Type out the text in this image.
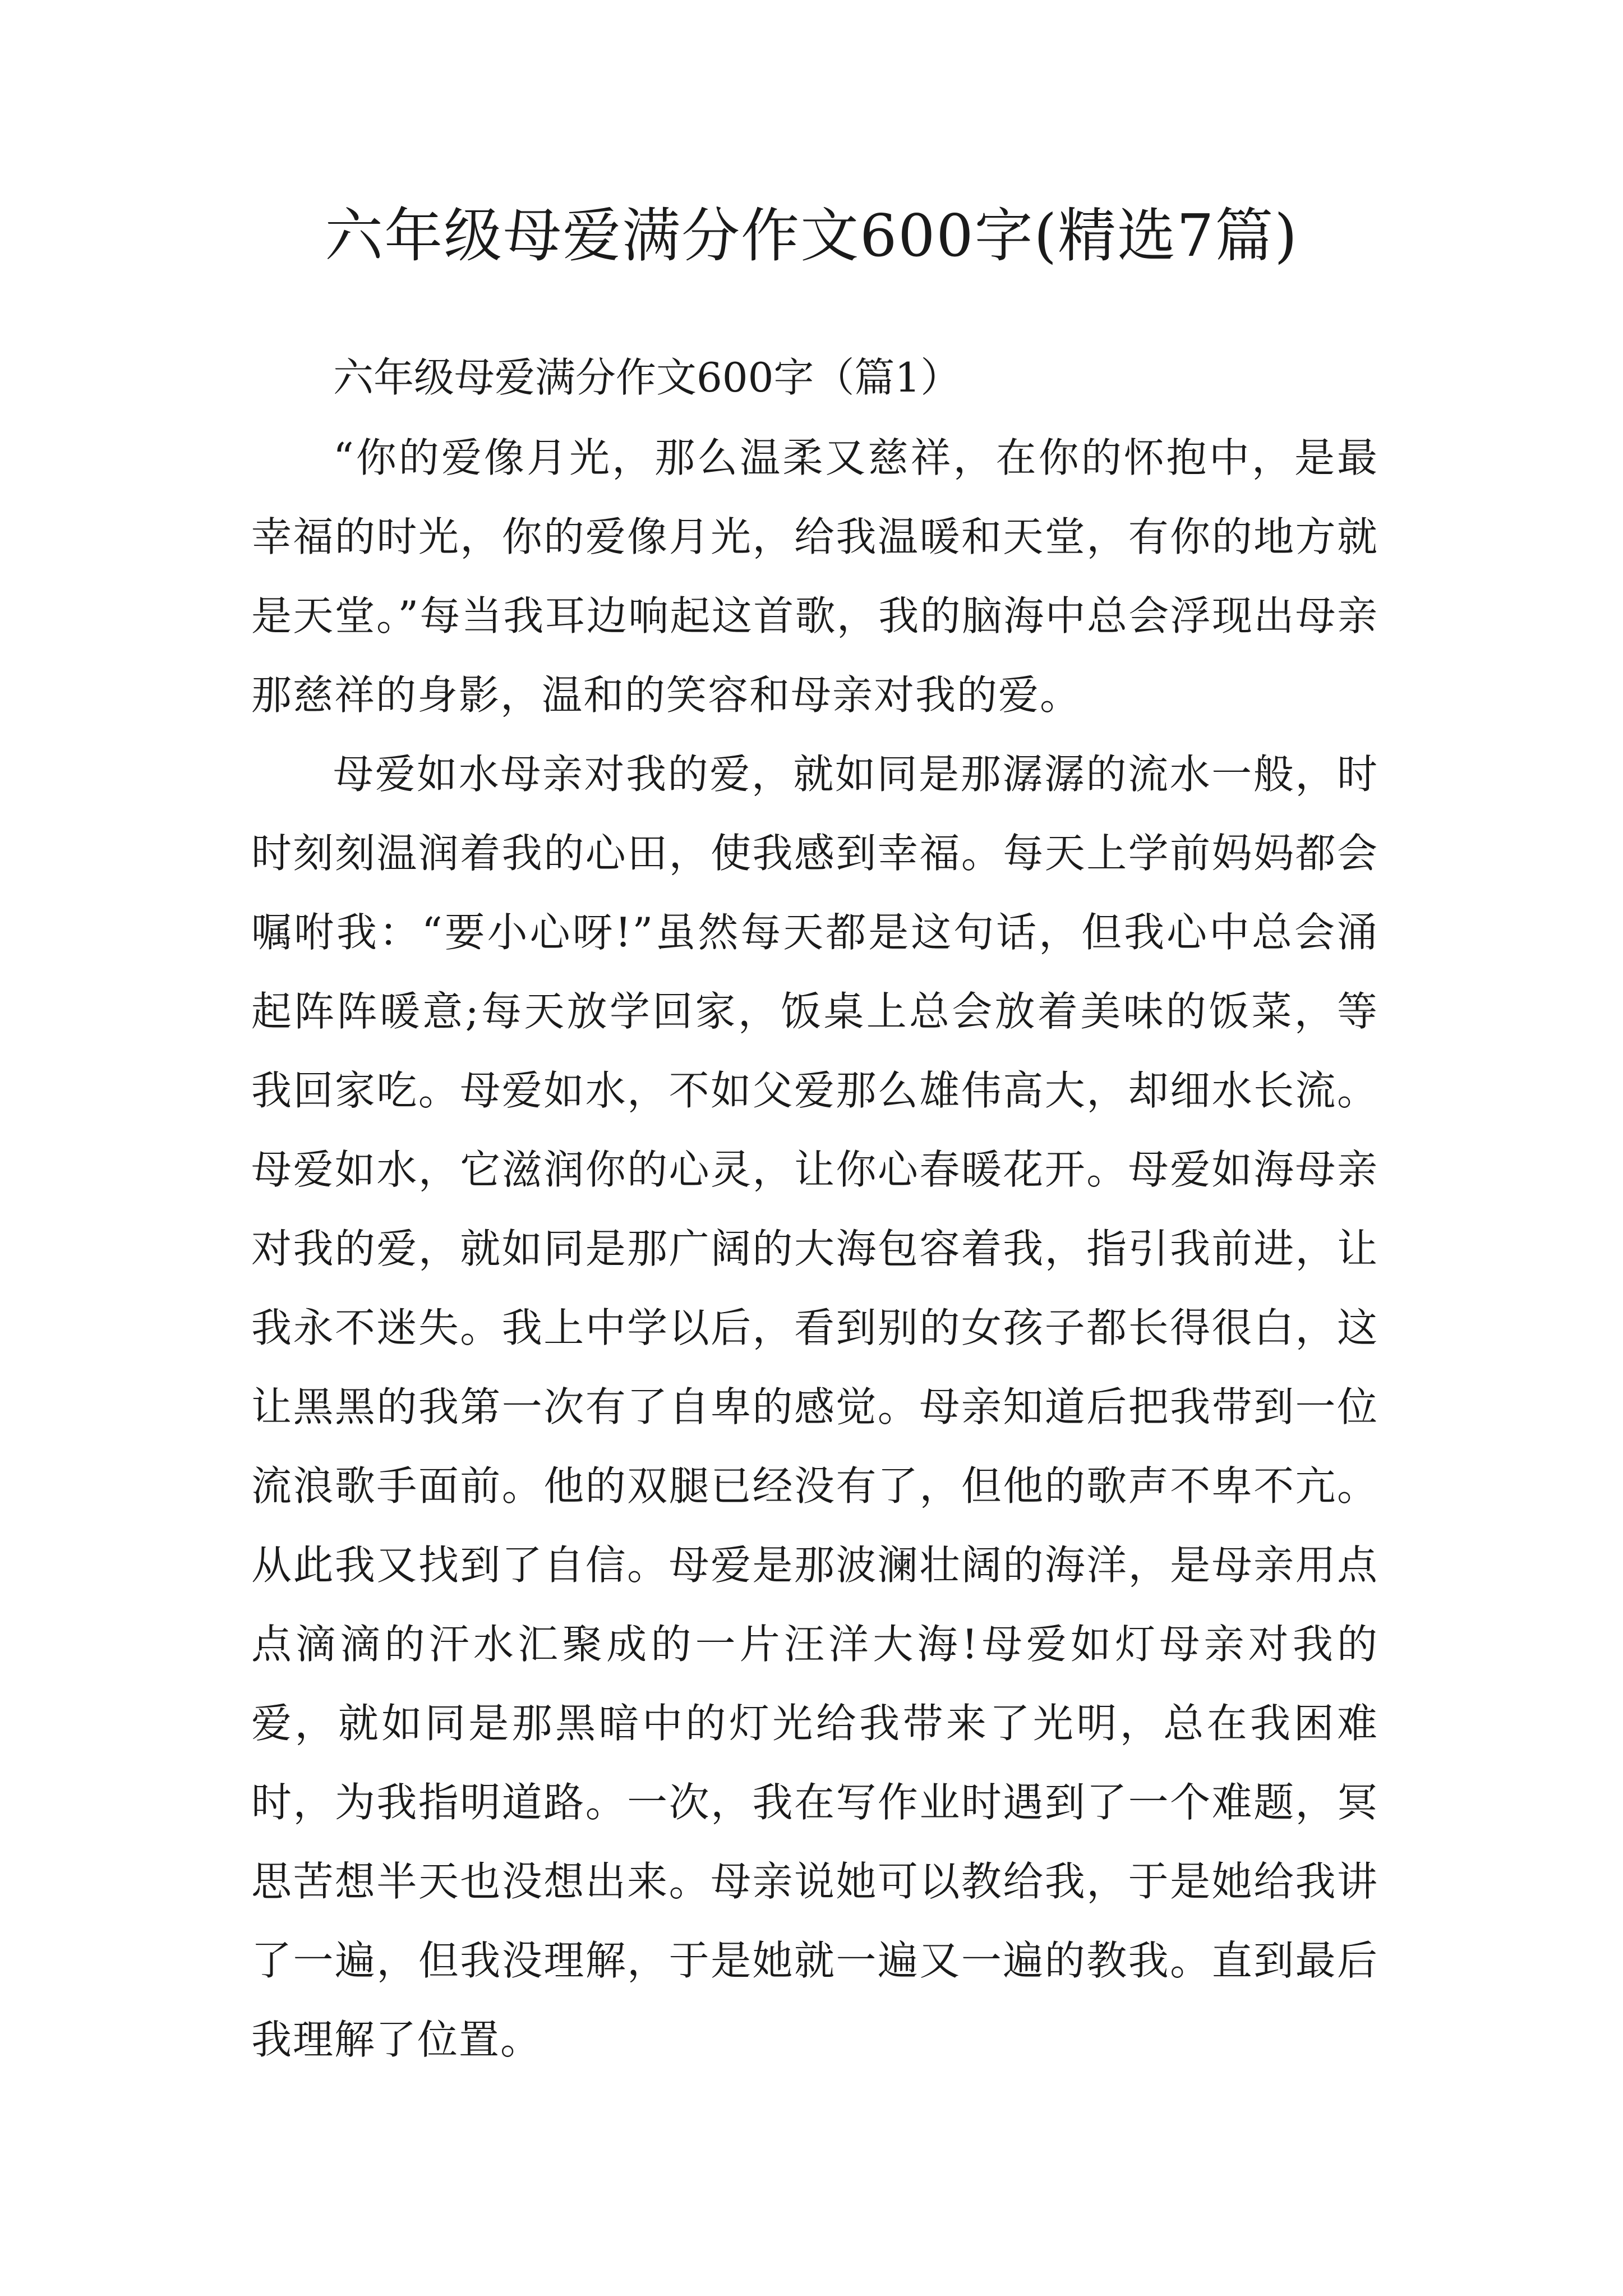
六年级母爱满分作文600字(精选7篇)

六年级母爱满分作文600字（篇1）

“你的爱像月光，那么温柔又慈祥，在你的怀抱中，是最幸福的时光，你的爱像月光，给我温暖和天堂，有你的地方就是天堂。”每当我耳边响起这首歌，我的脑海中总会浮现出母亲那慈祥的身影，温和的笑容和母亲对我的爱。

母爱如水母亲对我的爱，就如同是那潺潺的流水一般，时时刻刻温润着我的心田，使我感到幸福。每天上学前妈妈都会嘱咐我：“要小心呀!”虽然每天都是这句话，但我心中总会涌起阵阵暖意;每天放学回家，饭桌上总会放着美味的饭菜，等我回家吃。母爱如水，不如父爱那么雄伟高大，却细水长流。母爱如水，它滋润你的心灵，让你心春暖花开。母爱如海母亲对我的爱，就如同是那广阔的大海包容着我，指引我前进，让我永不迷失。我上中学以后，看到别的女孩子都长得很白，这让黑黑的我第一次有了自卑的感觉。母亲知道后把我带到一位流浪歌手面前。他的双腿已经没有了，但他的歌声不卑不亢。从此我又找到了自信。母爱是那波澜壮阔的海洋，是母亲用点点滴滴的汗水汇聚成的一片汪洋大海!母爱如灯母亲对我的爱，就如同是那黑暗中的灯光给我带来了光明，总在我困难时，为我指明道路。一次，我在写作业时遇到了一个难题，冥思苦想半天也没想出来。母亲说她可以教给我，于是她给我讲了一遍，但我没理解，于是她就一遍又一遍的教我。直到最后我理解了位置。
